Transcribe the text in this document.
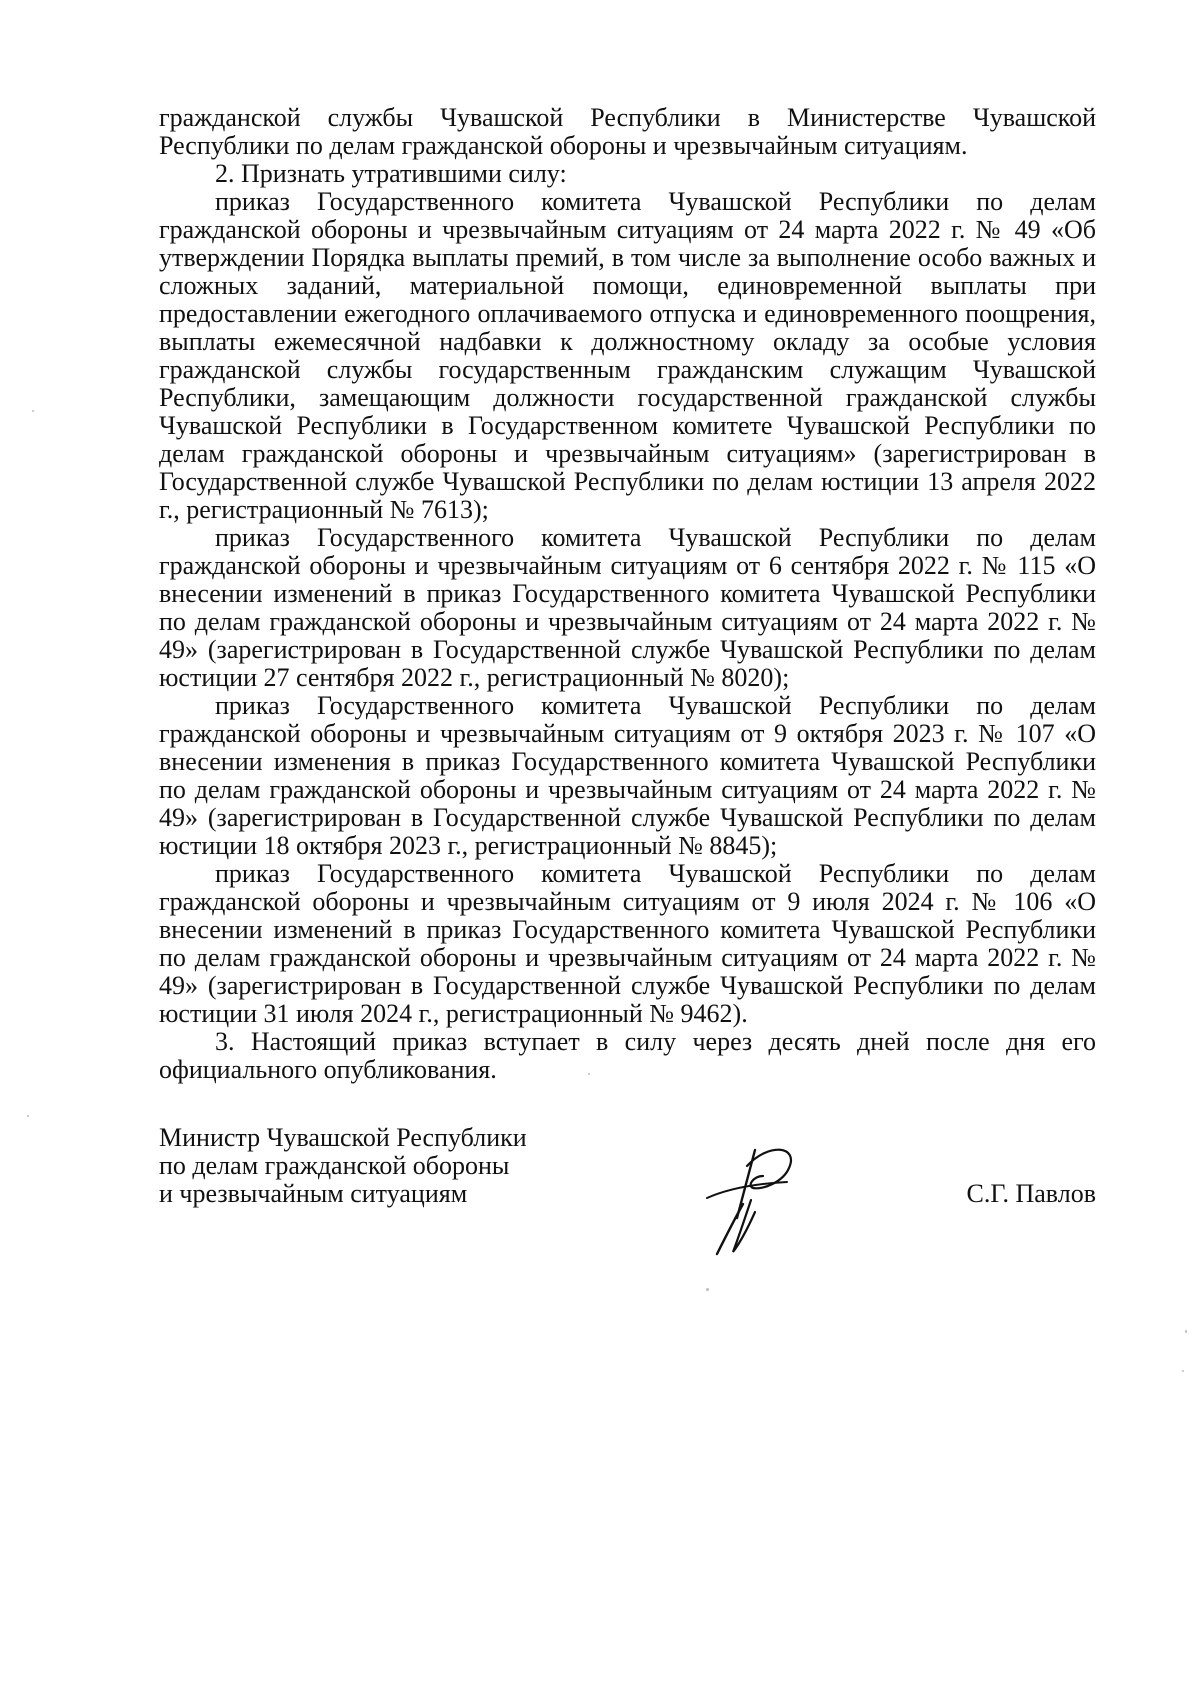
гражданской службы Чувашской Республики в Министерстве Чувашской Республики по делам гражданской обороны и чрезвычайным ситуациям.

2. Признать утратившими силу:

приказ Государственного комитета Чувашской Республики по делам гражданской обороны и чрезвычайным ситуациям от 24 марта 2022 г. № 49 «Об утверждении Порядка выплаты премий, в том числе за выполнение особо важных и сложных заданий, материальной помощи, единовременной выплаты при предоставлении ежегодного оплачиваемого отпуска и единовременного поощрения, выплаты ежемесячной надбавки к должностному окладу за особые условия гражданской службы государственным гражданским служащим Чувашской Республики, замещающим должности государственной гражданской службы Чувашской Республики в Государственном комитете Чувашской Республики по делам гражданской обороны и чрезвычайным ситуациям» (зарегистрирован в Государственной службе Чувашской Республики по делам юстиции 13 апреля 2022 г., регистрационный № 7613);

приказ Государственного комитета Чувашской Республики по делам гражданской обороны и чрезвычайным ситуациям от 6 сентября 2022 г. № 115 «О внесении изменений в приказ Государственного комитета Чувашской Республики по делам гражданской обороны и чрезвычайным ситуациям от 24 марта 2022 г. № 49» (зарегистрирован в Государственной службе Чувашской Республики по делам юстиции 27 сентября 2022 г., регистрационный № 8020);

приказ Государственного комитета Чувашской Республики по делам гражданской обороны и чрезвычайным ситуациям от 9 октября 2023 г. № 107 «О внесении изменения в приказ Государственного комитета Чувашской Республики по делам гражданской обороны и чрезвычайным ситуациям от 24 марта 2022 г. № 49» (зарегистрирован в Государственной службе Чувашской Республики по делам юстиции 18 октября 2023 г., регистрационный № 8845);

приказ Государственного комитета Чувашской Республики по делам гражданской обороны и чрезвычайным ситуациям от 9 июля 2024 г. № 106 «О внесении изменений в приказ Государственного комитета Чувашской Республики по делам гражданской обороны и чрезвычайным ситуациям от 24 марта 2022 г. № 49» (зарегистрирован в Государственной службе Чувашской Республики по делам юстиции 31 июля 2024 г., регистрационный № 9462).

3. Настоящий приказ вступает в силу через десять дней после дня его официального опубликования.

Министр Чувашской Республики
по делам гражданской обороны
и чрезвычайным ситуациям	С.Г. Павлов
